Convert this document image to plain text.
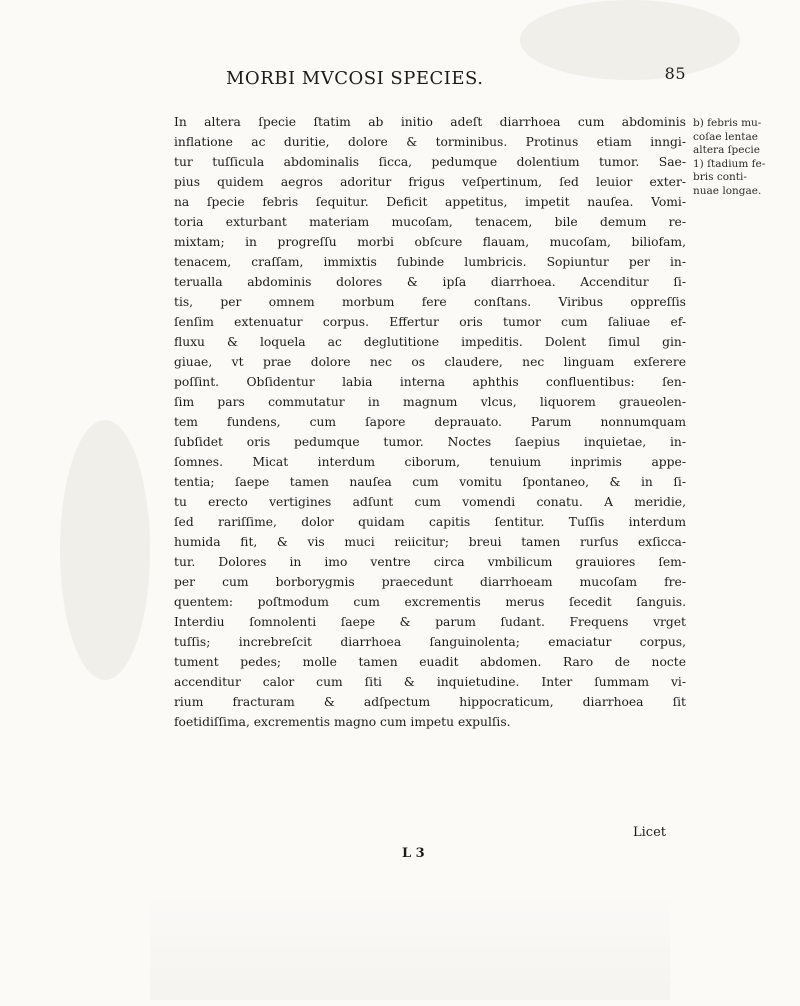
MORBI MVCOSI SPECIES.	85
In altera ſpecie ſtatim ab initio adeſt diarrhoea cum abdominis
inflatione ac duritie, dolore & torminibus. Protinus etiam inngi-
tur tuſſicula abdominalis ſicca, pedumque dolentium tumor. Sae-
pius quidem aegros adoritur frigus veſpertinum, ſed leuior exter-
na ſpecie febris ſequitur. Deficit appetitus, impetit nauſea. Vomi-
toria exturbant materiam mucoſam, tenacem, bile demum re-
mixtam; in progreſſu morbi obſcure flauam, mucoſam, biliofam,
tenacem, craſſam, immixtis ſubinde lumbricis. Sopiuntur per in-
terualla abdominis dolores & ipſa diarrhoea. Accenditur ſi-
tis, per omnem morbum fere conſtans. Viribus oppreſſis
ſenſim extenuatur corpus. Effertur oris tumor cum ſaliuae ef-
fluxu & loquela ac deglutitione impeditis. Dolent ſimul gin-
giuae, vt prae dolore nec os claudere, nec linguam exſerere
poſſint. Obſidentur labia interna aphthis confluentibus: ſen-
ſim pars commutatur in magnum vlcus, liquorem graueolen-
tem fundens, cum ſapore deprauato. Parum nonnumquam
ſubſidet oris pedumque tumor. Noctes ſaepius inquietae, in-
ſomnes. Micat interdum ciborum, tenuium inprimis appe-
tentia; ſaepe tamen nauſea cum vomitu ſpontaneo, & in ſi-
tu erecto vertigines adſunt cum vomendi conatu. A meridie,
ſed rariſſime, dolor quidam capitis ſentitur. Tuſſis interdum
humida fit, & vis muci reiicitur; breui tamen rurſus exſicca-
tur. Dolores in imo ventre circa vmbilicum grauiores ſem-
per cum borborygmis praecedunt diarrhoeam mucoſam fre-
quentem: poſtmodum cum excrementis merus ſecedit ſanguis.
Interdiu ſomnolenti ſaepe & parum ſudant. Frequens vrget
tuſſis; increbreſcit diarrhoea ſanguinolenta; emaciatur corpus,
tument pedes; molle tamen euadit abdomen. Raro de nocte
accenditur calor cum ſiti & inquietudine. Inter ſummam vi-
rium fracturam & adſpectum hippocraticum, diarrhoea ſit
foetidiſſima, excrementis magno cum impetu expulſis.

b) febris mu-

coſae lentae

altera ſpecie

1) ſtadium fe-

bris conti-

nuae longae.

Licet
L 3
